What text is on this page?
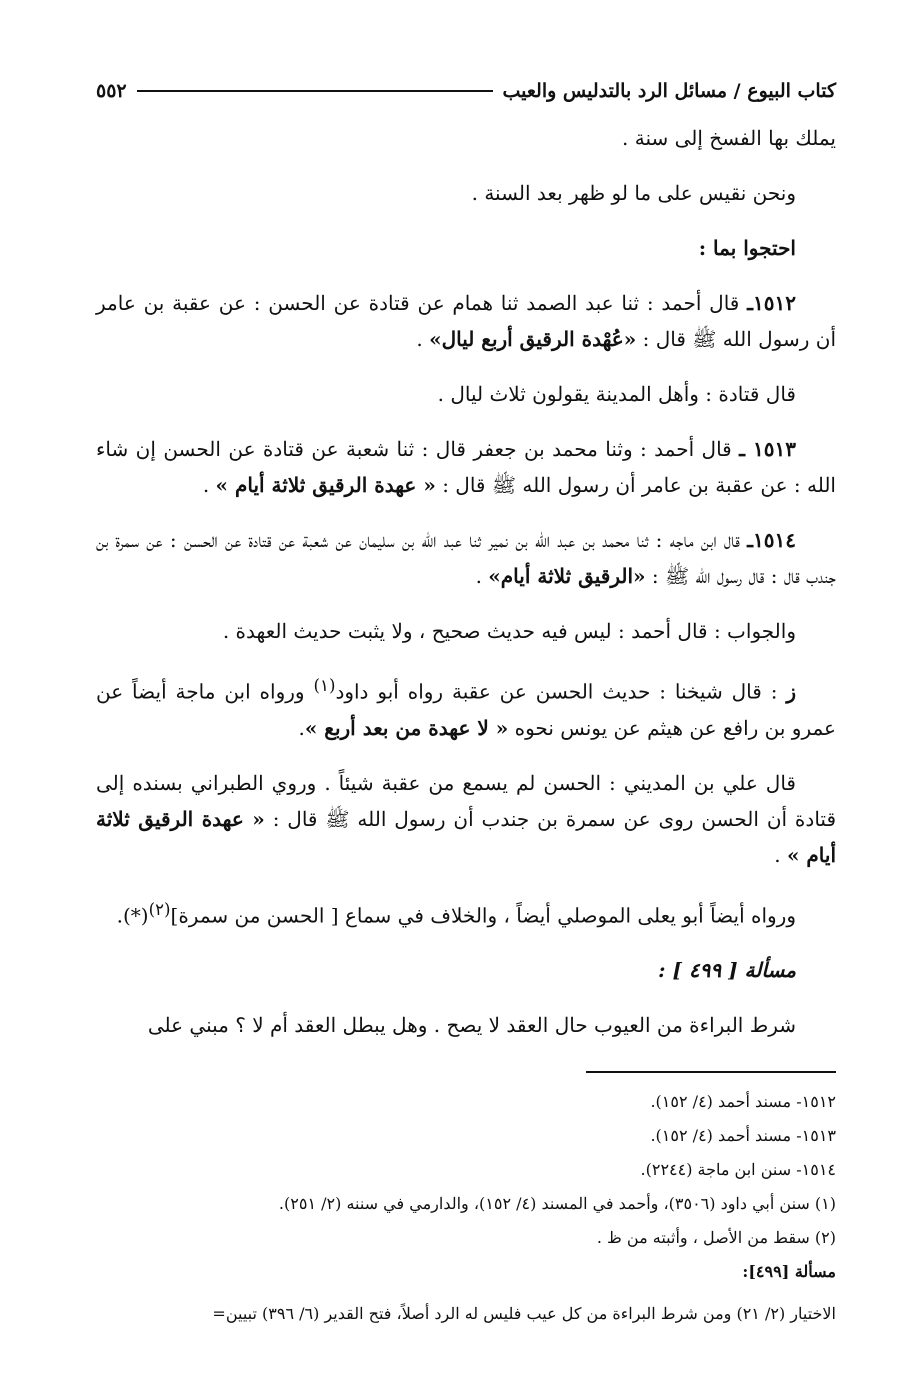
كتاب البيوع / مسائل الرد بالتدليس والعيب
٥٥٢

يملك بها الفسخ إلى سنة .

ونحن نقيس على ما لو ظهر بعد السنة .

احتجوا بما :

١٥١٢ـ قال أحمد : ثنا عبد الصمد ثنا همام عن قتادة عن الحسن : عن عقبة بن عامر أن رسول الله ﷺ قال : «عُهْدة الرقيق أربع ليال» .

قال قتادة : وأهل المدينة يقولون ثلاث ليال .

١٥١٣ ـ قال أحمد : وثنا محمد بن جعفر قال : ثنا شعبة عن قتادة عن الحسن إن شاء الله : عن عقبة بن عامر أن رسول الله ﷺ قال : « عهدة الرقيق ثلاثة أيام » .

١٥١٤ـ قال ابن ماجه : ثنا محمد بن عبد الله بن نمير ثنا عبد الله بن سليمان عن شعبة عن قتادة عن الحسن : عن سمرة بن جندب قال : قال رسول الله ﷺ : «الرقيق ثلاثة أيام» .

والجواب : قال أحمد : ليس فيه حديث صحيح ، ولا يثبت حديث العهدة .

ز : قال شيخنا : حديث الحسن عن عقبة رواه أبو داود$^{(١)}$ ورواه ابن ماجة أيضاً عن عمرو بن رافع عن هيثم عن يونس نحوه « لا عهدة من بعد أربع ».

قال علي بن المديني : الحسن لم يسمع من عقبة شيئاً . وروي الطبراني بسنده إلى قتادة أن الحسن روى عن سمرة بن جندب أن رسول الله ﷺ قال : « عهدة الرقيق ثلاثة أيام » .

ورواه أيضاً أبو يعلى الموصلي أيضاً ، والخلاف في سماع [ الحسن من سمرة]$^{(٢)}$(*).

مسألة [ ٤٩٩ ] :

شرط البراءة من العيوب حال العقد لا يصح . وهل يبطل العقد أم لا ؟ مبني على

١٥١٢- مسند أحمد (٤/ ١٥٢).
١٥١٣- مسند أحمد (٤/ ١٥٢).
١٥١٤- سنن ابن ماجة (٢٢٤٤).
(١) سنن أبي داود (٣٥٠٦)، وأحمد في المسند (٤/ ١٥٢)، والدارمي في سننه (٢/ ٢٥١).
(٢) سقط من الأصل ، وأثبته من ظ .
مسألة [٤٩٩]:
الاختيار (٢/ ٢١) ومن شرط البراءة من كل عيب فليس له الرد أصلاً، فتح القدير (٦/ ٣٩٦) تبيين=
